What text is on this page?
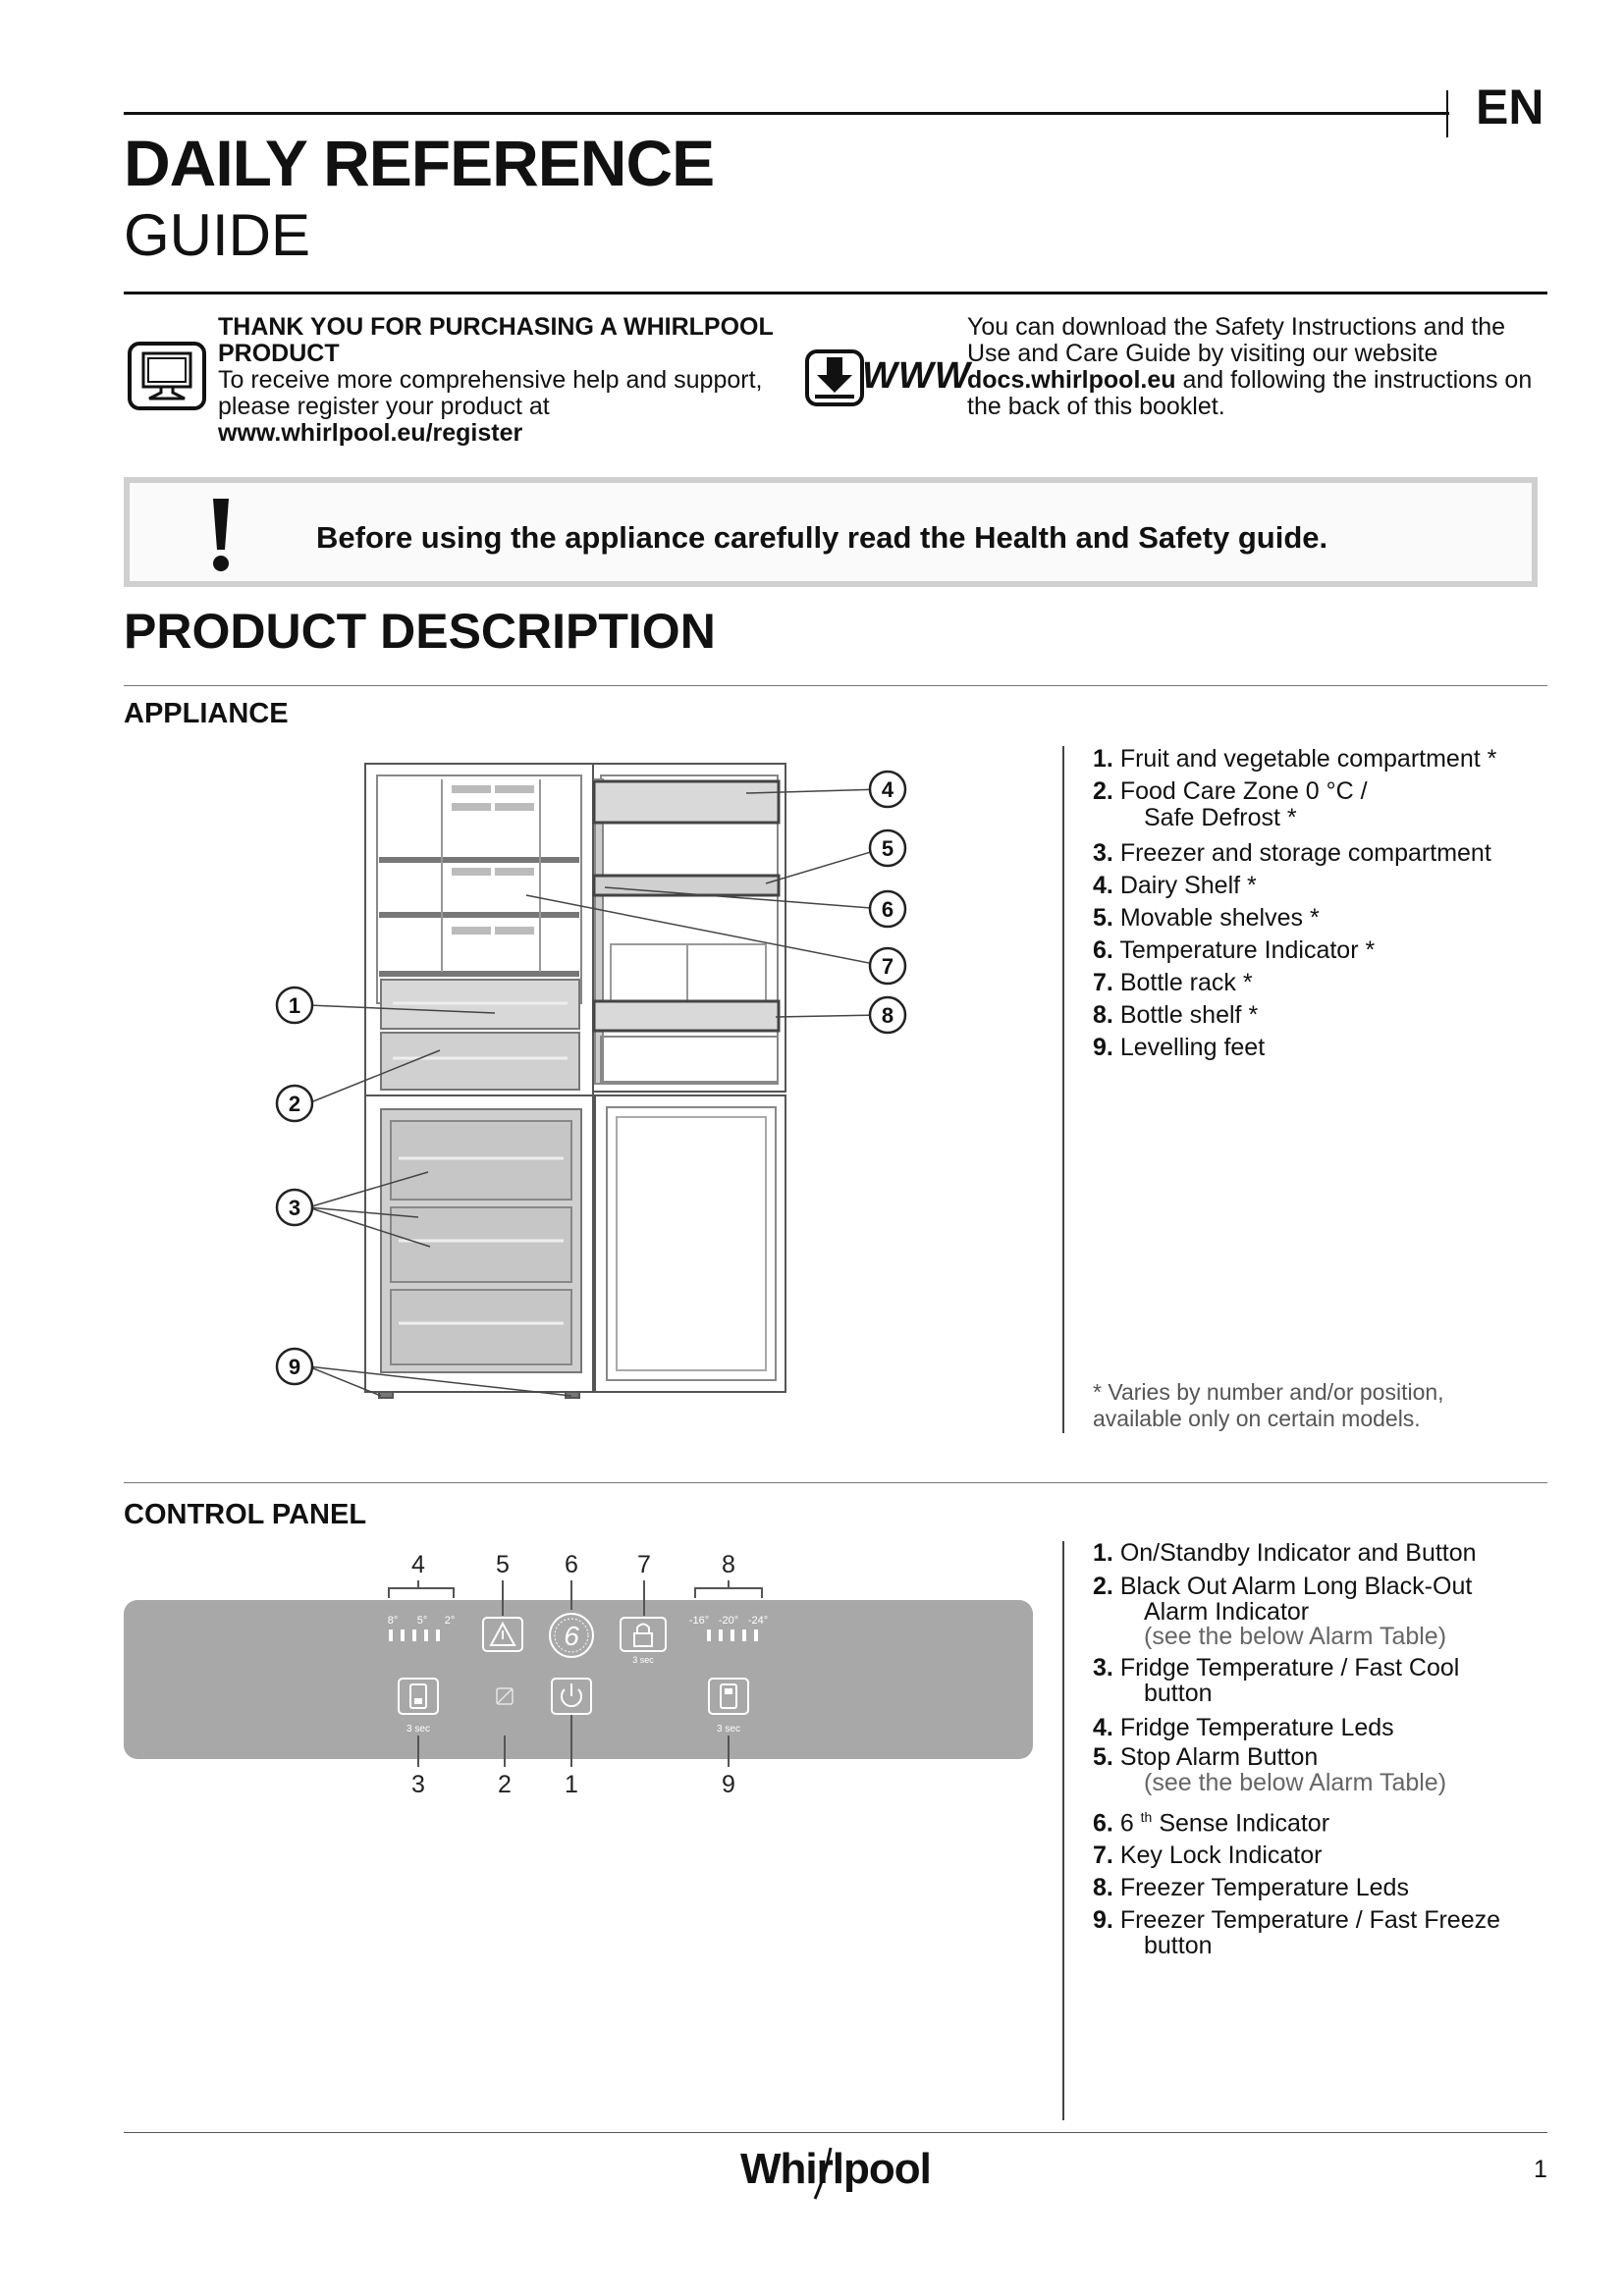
EN
DAILY REFERENCE
GUIDE
THANK YOU FOR PURCHASING A WHIRLPOOL PRODUCT
To receive more comprehensive help and support, please register your product at
www.whirlpool.eu/register
WWW
You can download the Safety Instructions and the Use and Care Guide by visiting our website docs.whirlpool.eu and following the instructions on the back of this booklet.
Before using the appliance carefully read the Health and Safety guide.
PRODUCT DESCRIPTION
APPLIANCE
1
2
3
9
4
5
6
7
8
1. Fruit and vegetable compartment *
2. Food Care Zone 0 °C /
Safe Defrost *
3. Freezer and storage compartment
4. Dairy Shelf *
5. Movable shelves *
6. Temperature Indicator *
7. Bottle rack *
8. Bottle shelf *
9. Levelling feet
* Varies by number and/or position, available only on certain models.
CONTROL PANEL
4	5 6 7	8
3	2 1	9
8° 5° 2°	-16° -20° -24°
6
3 sec
3 sec	3 sec
1. On/Standby Indicator and Button
2. Black Out Alarm Long Black-Out
Alarm Indicator
(see the below Alarm Table)
3. Fridge Temperature / Fast Cool
button
4. Fridge Temperature Leds
5. Stop Alarm Button
(see the below Alarm Table)
6. 6 $^{th}$ Sense Indicator
7. Key Lock Indicator
8. Freezer Temperature Leds
9. Freezer Temperature / Fast Freeze
button
Whirlpool	1
